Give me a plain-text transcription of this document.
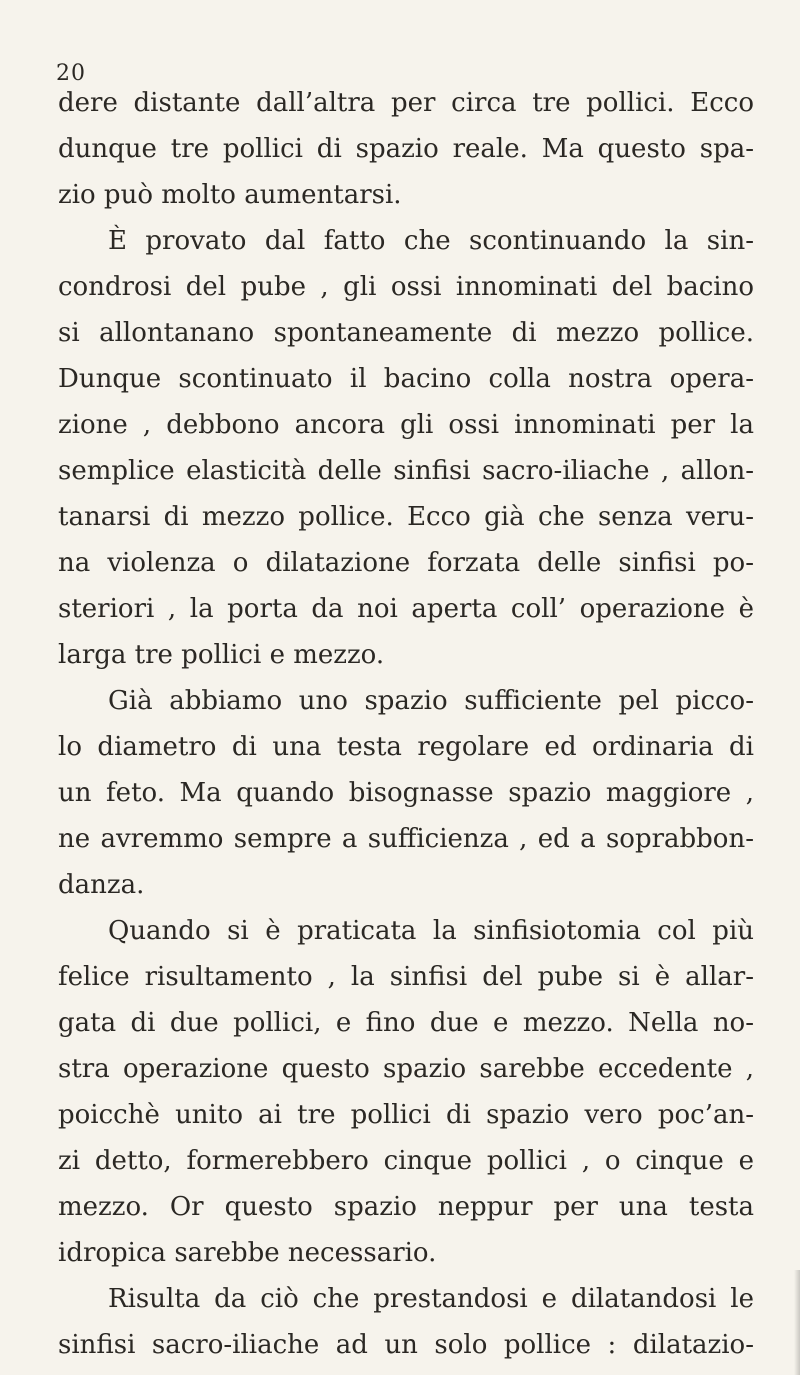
20

dere distante dall’altra per circa tre pollici. Ecco
dunque tre pollici di spazio reale. Ma questo spa-
zio può molto aumentarsi.
È provato dal fatto che scontinuando la sin-
condrosi del pube , gli ossi innominati del bacino
si allontanano spontaneamente di mezzo pollice.
Dunque scontinuato il bacino colla nostra opera-
zione , debbono ancora gli ossi innominati per la
semplice elasticità delle sinfisi sacro-iliache , allon-
tanarsi di mezzo pollice. Ecco già che senza veru-
na violenza o dilatazione forzata delle sinfisi po-
steriori , la porta da noi aperta coll’ operazione è
larga tre pollici e mezzo.
Già abbiamo uno spazio sufficiente pel picco-
lo diametro di una testa regolare ed ordinaria di
un feto. Ma quando bisognasse spazio maggiore ,
ne avremmo sempre a sufficienza , ed a soprabbon-
danza.
Quando si è praticata la sinfisiotomia col più
felice risultamento , la sinfisi del pube si è allar-
gata di due pollici, e fino due e mezzo. Nella no-
stra operazione questo spazio sarebbe eccedente ,
poicchè unito ai tre pollici di spazio vero poc’an-
zi detto, formerebbero cinque pollici , o cinque e
mezzo. Or questo spazio neppur per una testa
idropica sarebbe necessario.
Risulta da ciò che prestandosi e dilatandosi le
sinfisi sacro-iliache ad un solo pollice : dilatazio-
